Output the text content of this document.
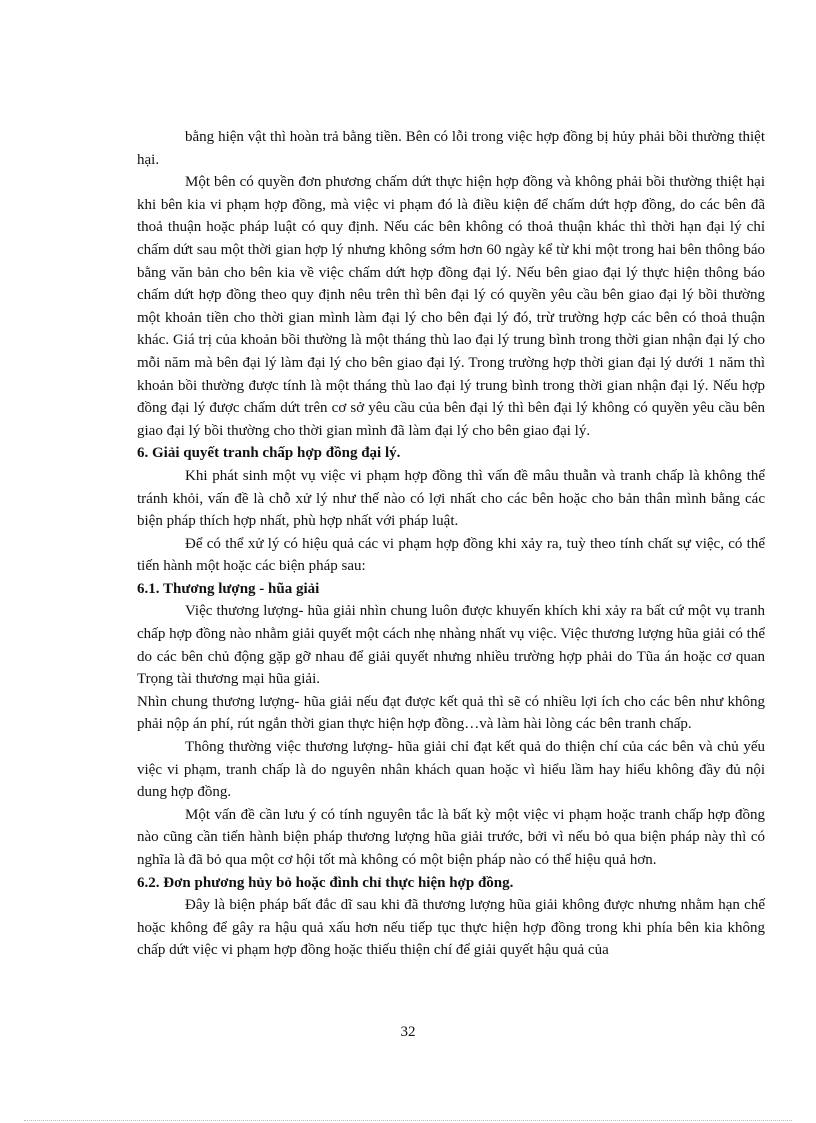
bằng hiện vật thì hoàn trả bằng tiền. Bên có lỗi trong việc hợp đồng bị hủy phải bồi thường thiệt hại.

Một bên có quyền đơn phương chấm dứt thực hiện hợp đồng và không phải bồi thường thiệt hại khi bên kia vi phạm hợp đồng, mà việc vi phạm đó là điều kiện để chấm dứt hợp đồng, do các bên đã thoả thuận hoặc pháp luật có quy định. Nếu các bên không có thoả thuận khác thì thời hạn đại lý chỉ chấm dứt sau một thời gian hợp lý nhưng không sớm hơn 60 ngày kể từ khi một trong hai bên thông báo bằng văn bản cho bên kia về việc chấm dứt hợp đồng đại lý. Nếu bên giao đại lý thực hiện thông báo chấm dứt hợp đồng theo quy định nêu trên thì bên đại lý có quyền yêu cầu bên giao đại lý bồi thường một khoản tiền cho thời gian mình làm đại lý cho bên đại lý đó, trừ trường hợp các bên có thoả thuận khác. Giá trị của khoản bồi thường là một tháng thù lao đại lý trung bình trong thời gian nhận đại lý cho mỗi năm mà bên đại lý làm đại lý cho bên giao đại lý. Trong trường hợp thời gian đại lý dưới 1 năm thì khoản bồi thường được tính là một tháng thù lao đại lý trung bình trong thời gian nhận đại lý. Nếu hợp đồng đại lý được chấm dứt trên cơ sở yêu cầu của bên đại lý thì bên đại lý không có quyền yêu cầu bên giao đại lý bồi thường cho thời gian mình đã làm đại lý cho bên giao đại lý.

6. Giải quyết tranh chấp hợp đồng đại lý.

Khi phát sinh một vụ việc vi phạm hợp đồng thì vấn đề mâu thuẫn và tranh chấp là không thể tránh khỏi, vấn đề là chỗ xử lý như thế nào có lợi nhất cho các bên hoặc cho bản thân mình bằng các biện pháp thích hợp nhất, phù hợp nhất với pháp luật.

Để có thể xử lý có hiệu quả các vi phạm hợp đồng khi xảy ra, tuỳ theo tính chất sự việc, có thể tiến hành một hoặc các biện pháp sau:

6.1. Thương lượng - hũa giải

Việc thương lượng- hũa giải nhìn chung luôn được khuyến khích khi xảy ra bất cứ một vụ tranh chấp hợp đồng nào nhằm giải quyết một cách nhẹ nhàng nhất vụ việc. Việc thương lượng hũa giải có thể do các bên chủ động gặp gỡ nhau để giải quyết nhưng nhiều trường hợp phải do Tũa án hoặc cơ quan Trọng tài thương mại hũa giải.

Nhìn chung thương lượng- hũa giải nếu đạt được kết quả thì sẽ có nhiều lợi ích cho các bên như không phải nộp án phí, rút ngắn thời gian thực hiện hợp đồng…và làm hài lòng các bên tranh chấp.

Thông thường việc thương lượng- hũa giải chỉ đạt kết quả do thiện chí của các bên và chủ yếu việc vi phạm, tranh chấp là do nguyên nhân khách quan hoặc vì hiểu lầm hay hiểu không đầy đủ nội dung hợp đồng.

Một vấn đề cần lưu ý có tính nguyên tắc là bất kỳ một việc vi phạm hoặc tranh chấp hợp đồng nào cũng cần tiến hành biện pháp thương lượng hũa giải trước, bởi vì nếu bỏ qua biện pháp này thì có nghĩa là đã bỏ qua một cơ hội tốt mà không có một biện pháp nào có thể hiệu quả hơn.

6.2. Đơn phương hủy bỏ hoặc đình chỉ thực hiện hợp đồng.

Đây là biện pháp bất đắc dĩ sau khi đã thương lượng hũa giải không được nhưng nhằm hạn chế hoặc không để gây ra hậu quả xấu hơn nếu tiếp tục thực hiện hợp đồng trong khi phía bên kia không chấp dứt việc vi phạm hợp đồng hoặc thiếu thiện chí để giải quyết hậu quả của

32
